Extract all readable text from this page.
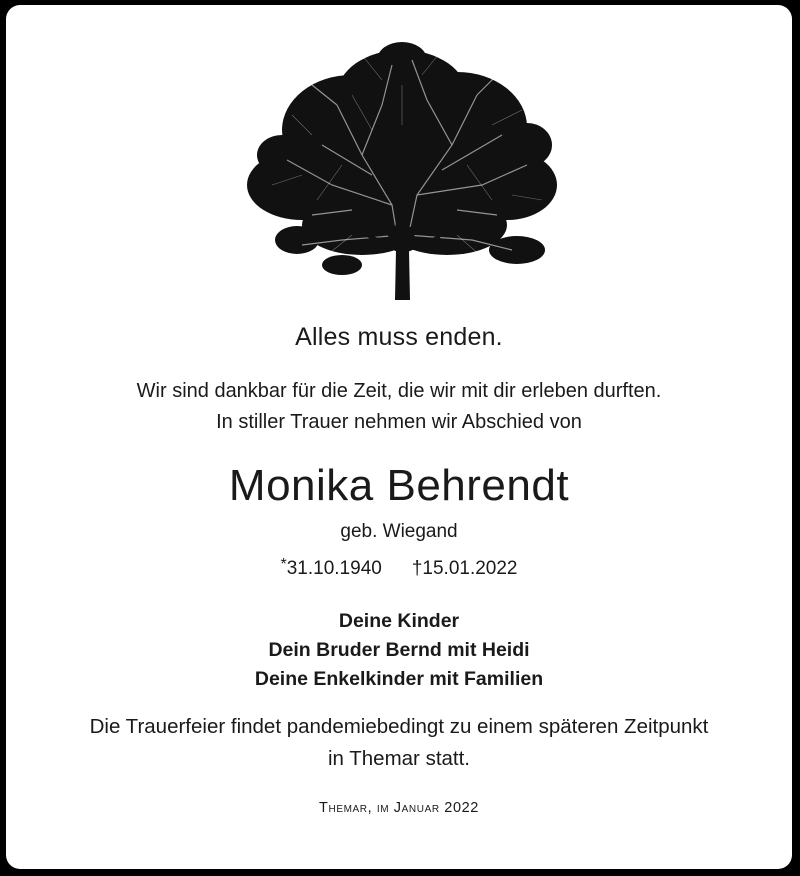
Alles muss enden.
Wir sind dankbar für die Zeit, die wir mit dir erleben durften.
In stiller Trauer nehmen wir Abschied von
Monika Behrendt
geb. Wiegand
*31.10.1940 †15.01.2022
Deine Kinder
Dein Bruder Bernd mit Heidi
Deine Enkelkinder mit Familien
Die Trauerfeier findet pandemiebedingt zu einem späteren Zeitpunkt
in Themar statt.
Themar, im Januar 2022
